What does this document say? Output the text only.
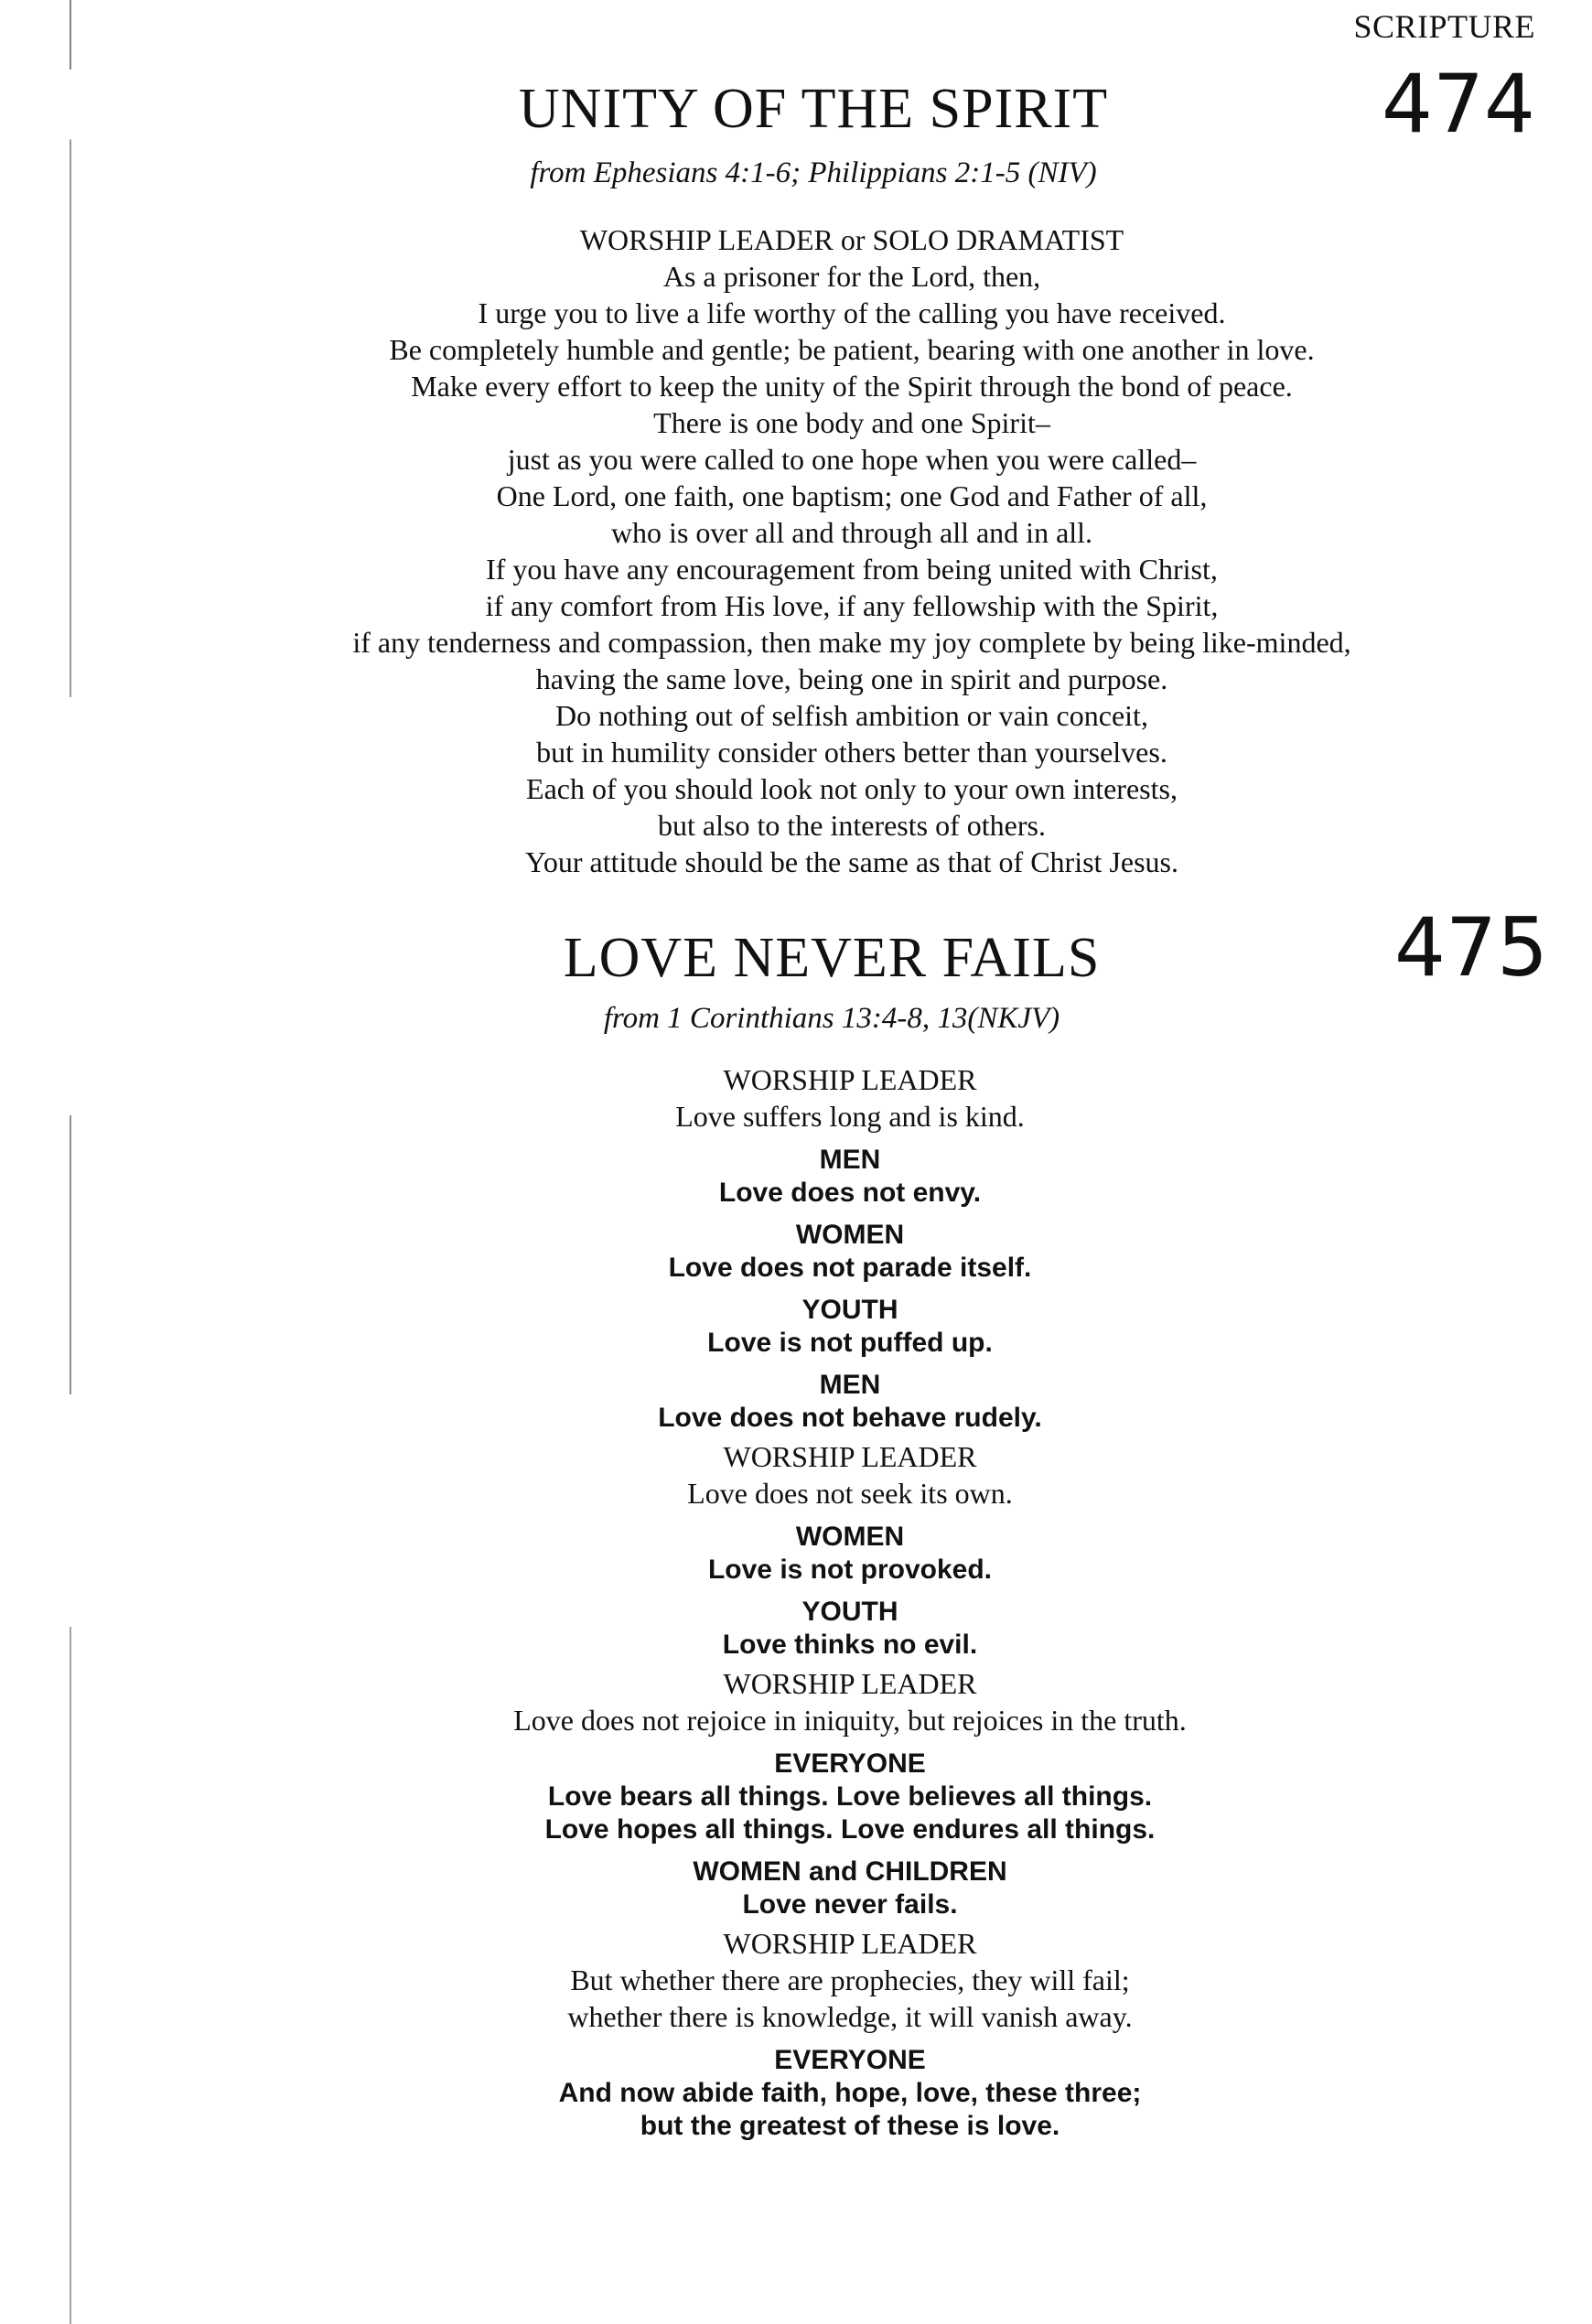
SCRIPTURE
474
UNITY OF THE SPIRIT
from Ephesians 4:1-6; Philippians 2:1-5 (NIV)
WORSHIP LEADER or SOLO DRAMATIST
As a prisoner for the Lord, then,
I urge you to live a life worthy of the calling you have received.
Be completely humble and gentle; be patient, bearing with one another in love.
Make every effort to keep the unity of the Spirit through the bond of peace.
There is one body and one Spirit–
just as you were called to one hope when you were called–
One Lord, one faith, one baptism; one God and Father of all,
who is over all and through all and in all.
If you have any encouragement from being united with Christ,
if any comfort from His love, if any fellowship with the Spirit,
if any tenderness and compassion, then make my joy complete by being like-minded,
having the same love, being one in spirit and purpose.
Do nothing out of selfish ambition or vain conceit,
but in humility consider others better than yourselves.
Each of you should look not only to your own interests,
but also to the interests of others.
Your attitude should be the same as that of Christ Jesus.
475
LOVE NEVER FAILS
from 1 Corinthians 13:4-8, 13(NKJV)
WORSHIP LEADER
Love suffers long and is kind.
MEN
Love does not envy.
WOMEN
Love does not parade itself.
YOUTH
Love is not puffed up.
MEN
Love does not behave rudely.
WORSHIP LEADER
Love does not seek its own.
WOMEN
Love is not provoked.
YOUTH
Love thinks no evil.
WORSHIP LEADER
Love does not rejoice in iniquity, but rejoices in the truth.
EVERYONE
Love bears all things. Love believes all things.
Love hopes all things. Love endures all things.
WOMEN and CHILDREN
Love never fails.
WORSHIP LEADER
But whether there are prophecies, they will fail;
whether there is knowledge, it will vanish away.
EVERYONE
And now abide faith, hope, love, these three;
but the greatest of these is love.
